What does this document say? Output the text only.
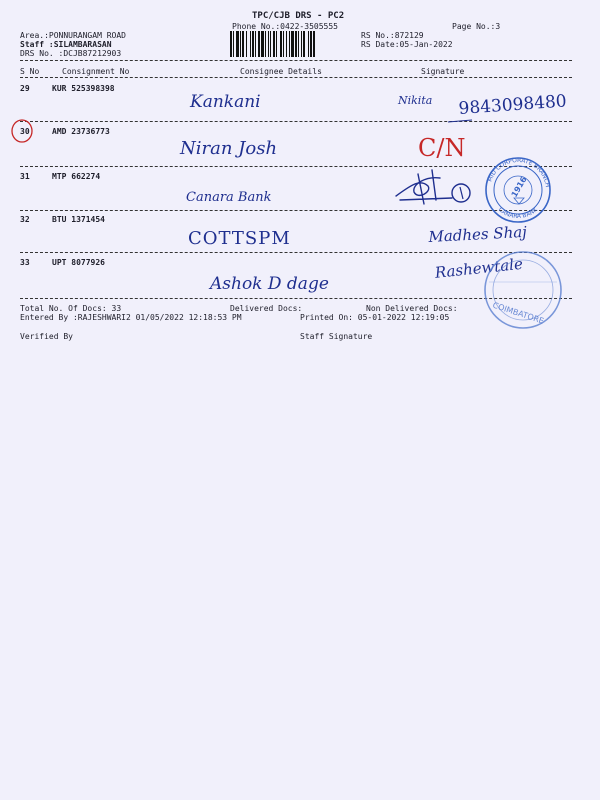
TPC/CJB DRS - PC2
Phone No.:0422-3505555	Page No.:3
Area.:PONNURANGAM ROAD	RS No.:872129
Staff :SILAMBARASAN	RS Date:05-Jan-2022
DRS No. :DCJB87212903
S No	Consignment No	Consignee Details	Signature
29	KUR 525398398
Kankani	Nikita 9843098480
30	AMD 23736773
Niran Josh	C/N
31	MTP 662274
Canara Bank
32	BTU 1371454
COTTSPM	Madhes Shaj
33	UPT 8077926
Ashok D dage
Rashewtale
Total No. Of Docs: 33	Delivered Docs:	Non Delivered Docs:
Entered By :RAJESHWARI2 01/05/2022 12:18:53 PM	Printed On: 05-01-2022 12:19:05
Verified By	Staff Signature
MID CORPORATE BRANCH
CANARA BANK
1916
COIMBATORE
